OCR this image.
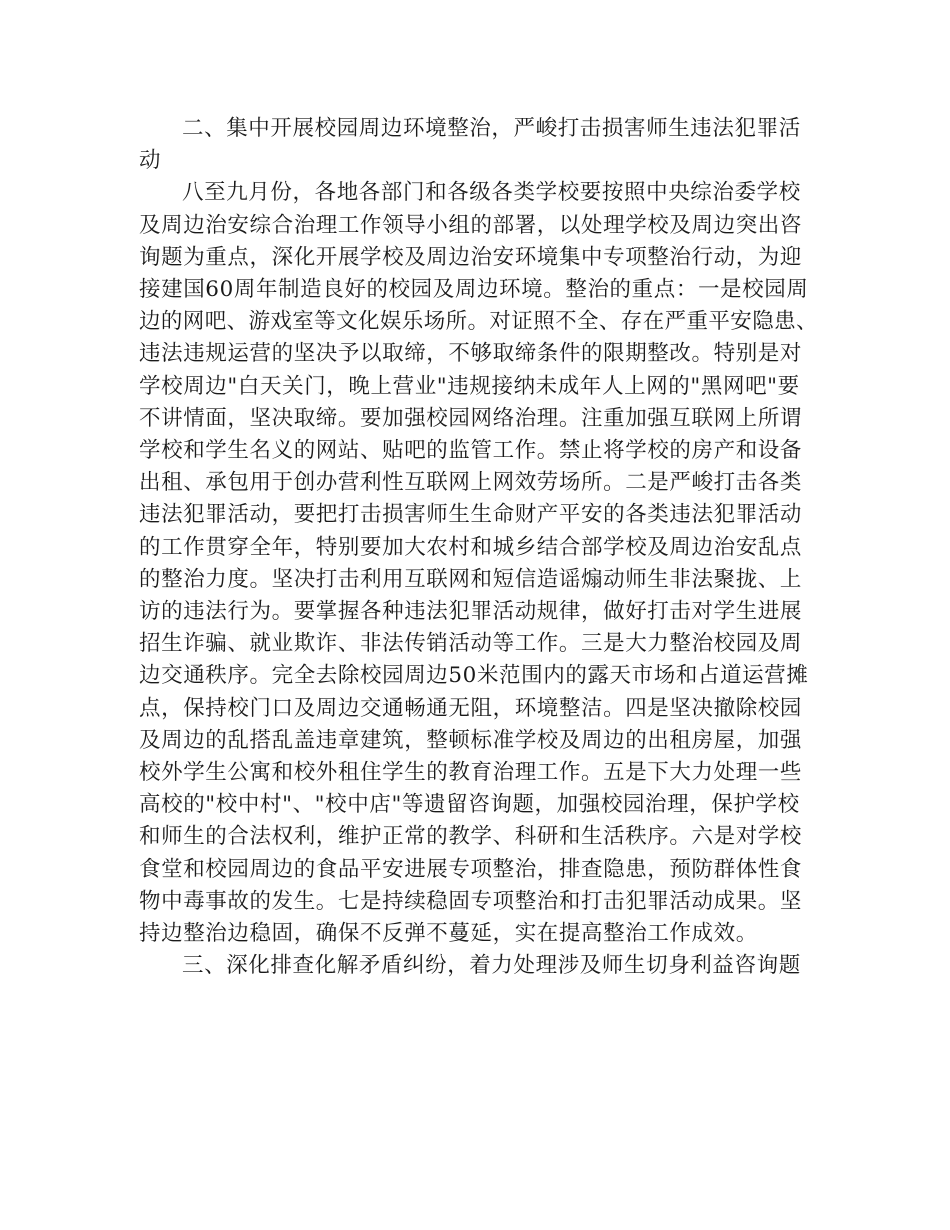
二、集中开展校园周边环境整治，严峻打击损害师生违法犯罪活
动
八至九月份，各地各部门和各级各类学校要按照中央综治委学校
及周边治安综合治理工作领导小组的部署，以处理学校及周边突出咨
询题为重点，深化开展学校及周边治安环境集中专项整治行动，为迎
接建国60周年制造良好的校园及周边环境。整治的重点：一是校园周
边的网吧、游戏室等文化娱乐场所。对证照不全、存在严重平安隐患、
违法违规运营的坚决予以取缔，不够取缔条件的限期整改。特别是对
学校周边"白天关门，晚上营业"违规接纳未成年人上网的"黑网吧"要
不讲情面，坚决取缔。要加强校园网络治理。注重加强互联网上所谓
学校和学生名义的网站、贴吧的监管工作。禁止将学校的房产和设备
出租、承包用于创办营利性互联网上网效劳场所。二是严峻打击各类
违法犯罪活动，要把打击损害师生生命财产平安的各类违法犯罪活动
的工作贯穿全年，特别要加大农村和城乡结合部学校及周边治安乱点
的整治力度。坚决打击利用互联网和短信造谣煽动师生非法聚拢、上
访的违法行为。要掌握各种违法犯罪活动规律，做好打击对学生进展
招生诈骗、就业欺诈、非法传销活动等工作。三是大力整治校园及周
边交通秩序。完全去除校园周边50米范围内的露天市场和占道运营摊
点，保持校门口及周边交通畅通无阻，环境整洁。四是坚决撤除校园
及周边的乱搭乱盖违章建筑，整顿标准学校及周边的出租房屋，加强
校外学生公寓和校外租住学生的教育治理工作。五是下大力处理一些
高校的"校中村"、"校中店"等遗留咨询题，加强校园治理，保护学校
和师生的合法权利，维护正常的教学、科研和生活秩序。六是对学校
食堂和校园周边的食品平安进展专项整治，排查隐患，预防群体性食
物中毒事故的发生。七是持续稳固专项整治和打击犯罪活动成果。坚
持边整治边稳固，确保不反弹不蔓延，实在提高整治工作成效。
三、深化排查化解矛盾纠纷，着力处理涉及师生切身利益咨询题
